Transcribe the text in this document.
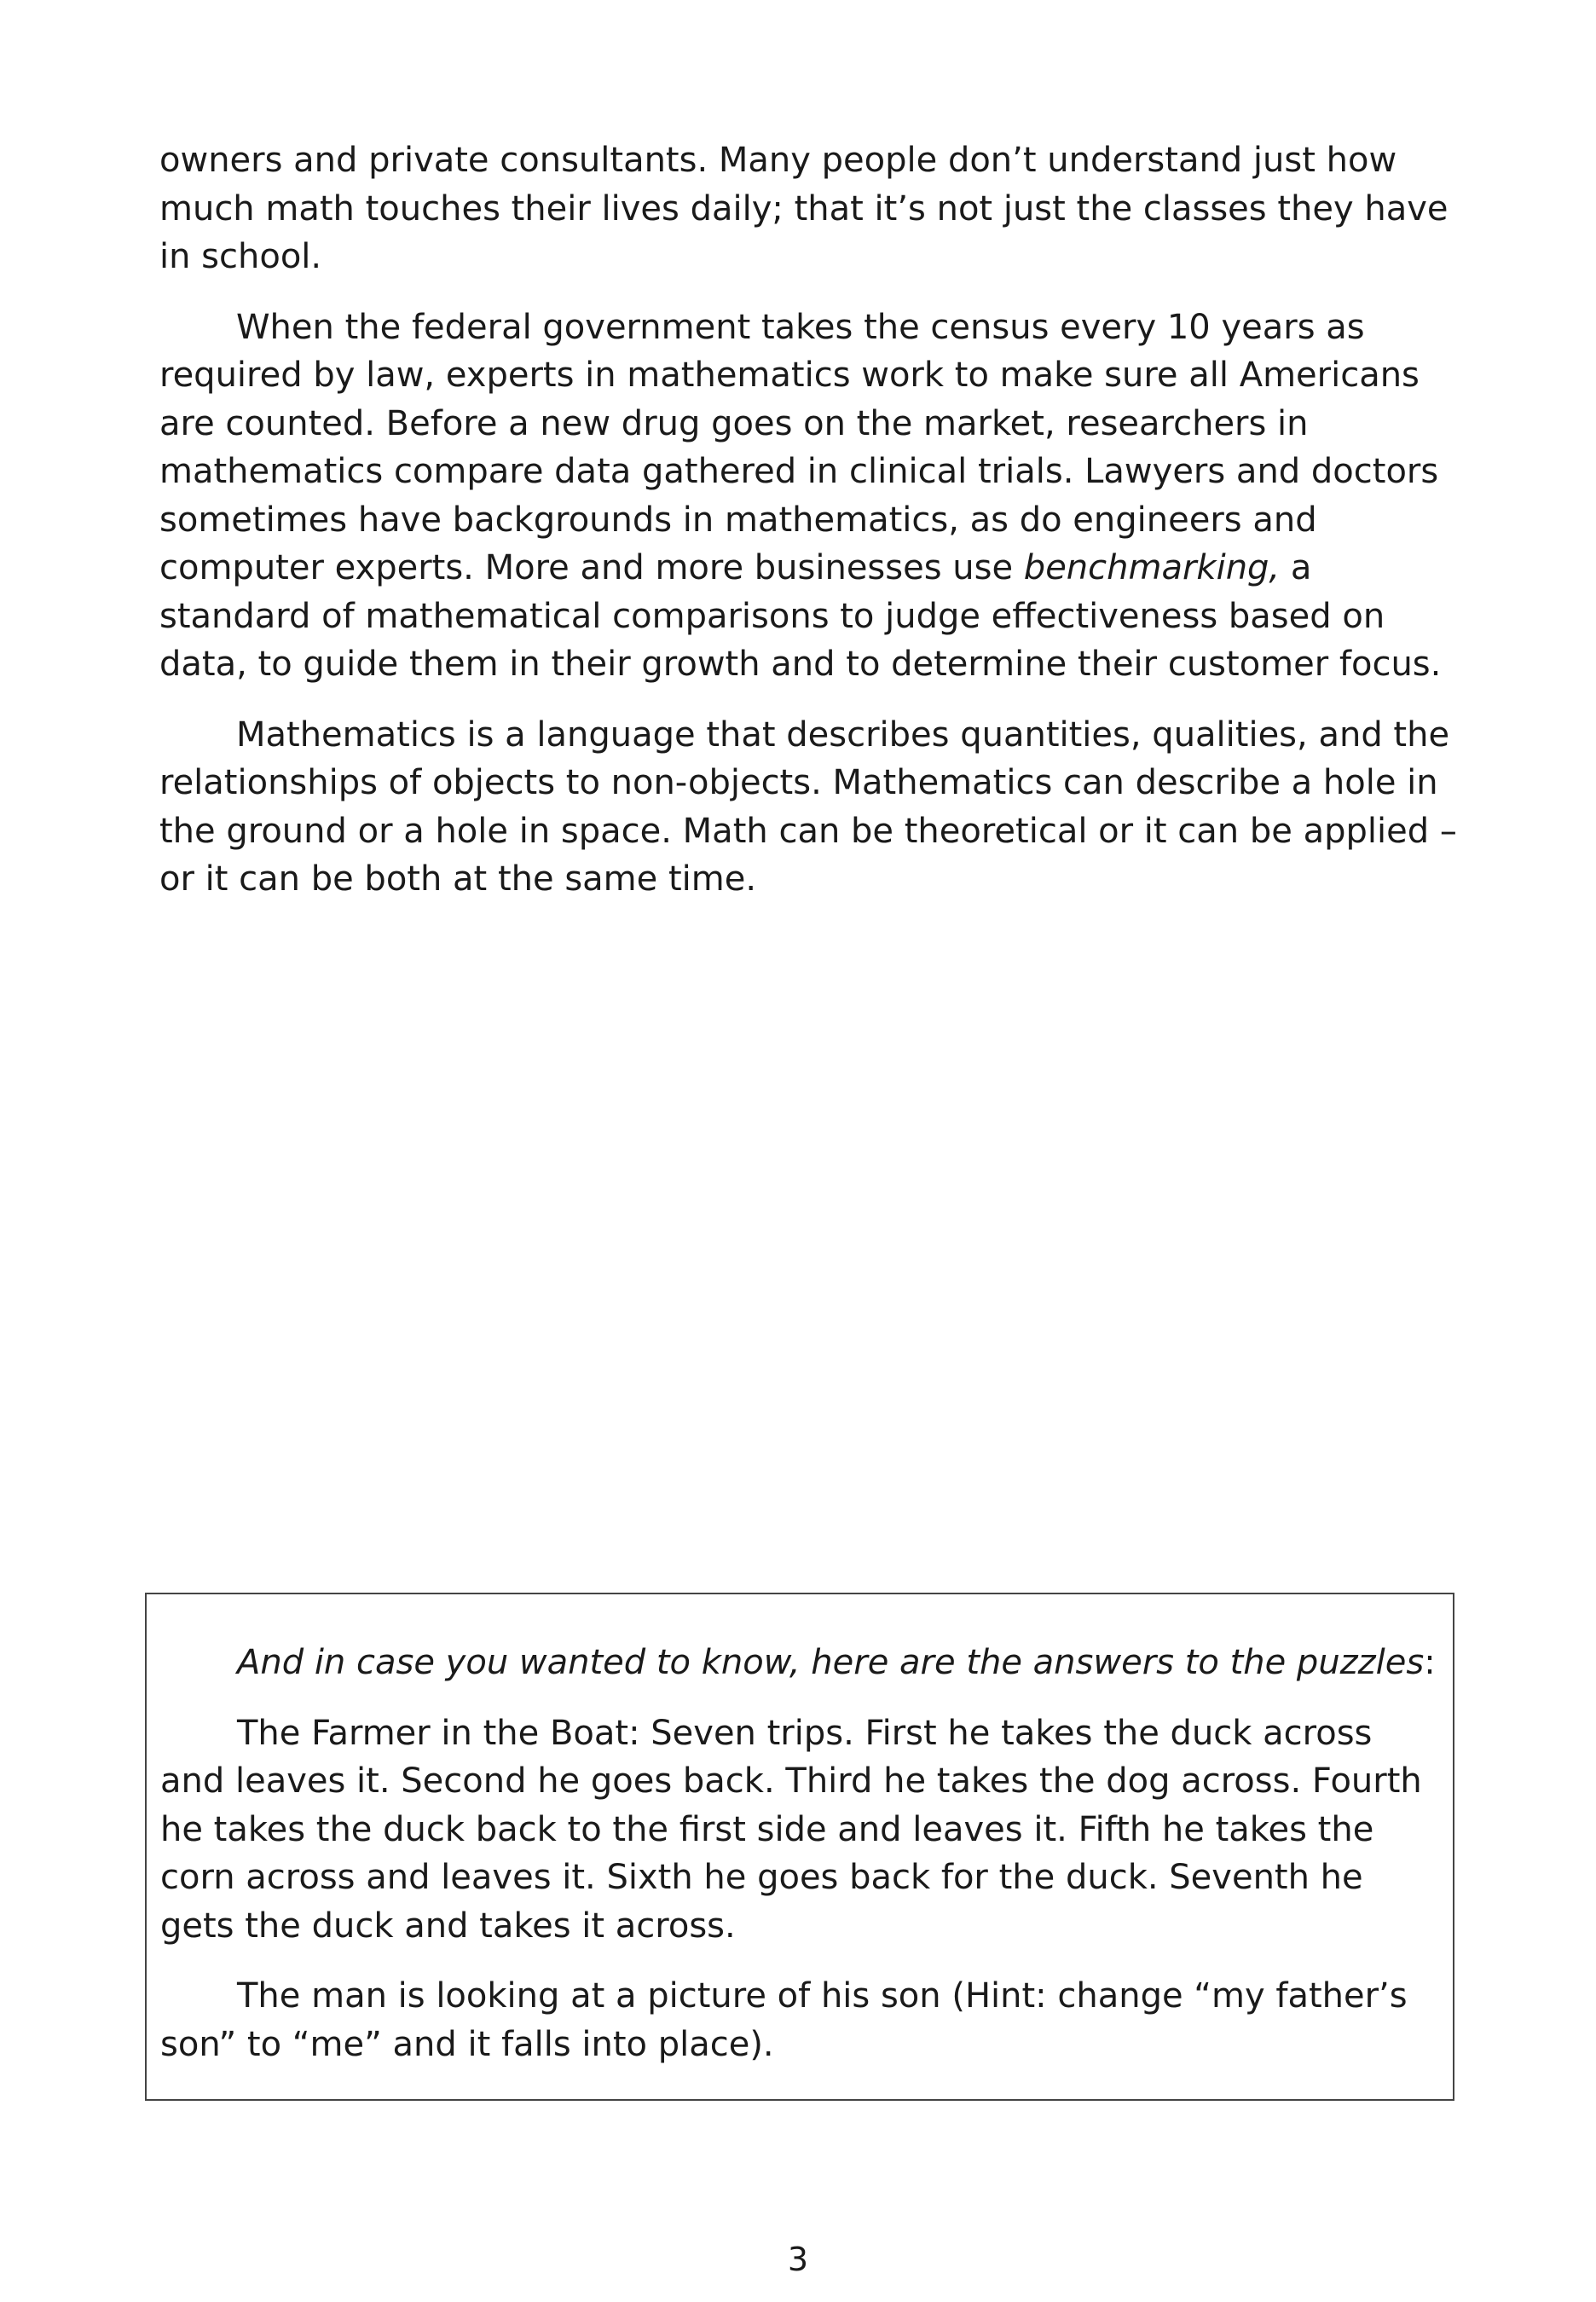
owners and private consultants. Many people don’t understand just how much math touches their lives daily; that it’s not just the classes they have in school.

When the federal government takes the census every 10 years as required by law, experts in mathematics work to make sure all Americans are counted. Before a new drug goes on the market, researchers in mathematics compare data gathered in clinical trials. Lawyers and doctors sometimes have backgrounds in mathematics, as do engineers and computer experts. More and more businesses use benchmarking, a standard of mathematical comparisons to judge effectiveness based on data, to guide them in their growth and to determine their customer focus.

Mathematics is a language that describes quantities, qualities, and the relationships of objects to non-objects. Mathematics can describe a hole in the ground or a hole in space. Math can be theoretical or it can be applied – or it can be both at the same time.

And in case you wanted to know, here are the answers to the puzzles:

The Farmer in the Boat: Seven trips. First he takes the duck across and leaves it. Second he goes back. Third he takes the dog across. Fourth he takes the duck back to the first side and leaves it. Fifth he takes the corn across and leaves it. Sixth he goes back for the duck. Seventh he gets the duck and takes it across.

The man is looking at a picture of his son (Hint: change “my father’s son” to “me” and it falls into place).

3
